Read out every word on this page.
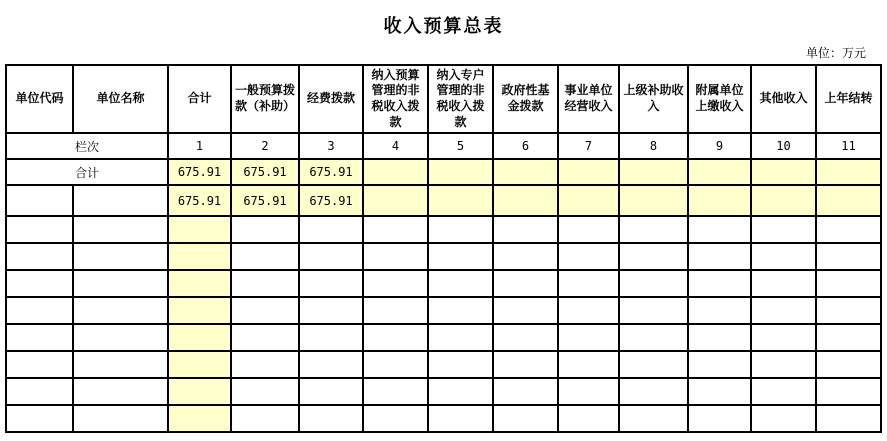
收入预算总表
单位：万元
单位代码	单位名称	合计	一般预算拨款（补助）	经费拨款	纳入预算管理的非税收入拨款	纳入专户管理的非税收入拨款	政府性基金拨款	事业单位经营收入	上级补助收入	附属单位上缴收入	其他收入	上年结转
栏次		1	2	3	4	5	6	7	8	9	10	11
合计		675.91	675.91	675.91								
		675.91	675.91	675.91								
